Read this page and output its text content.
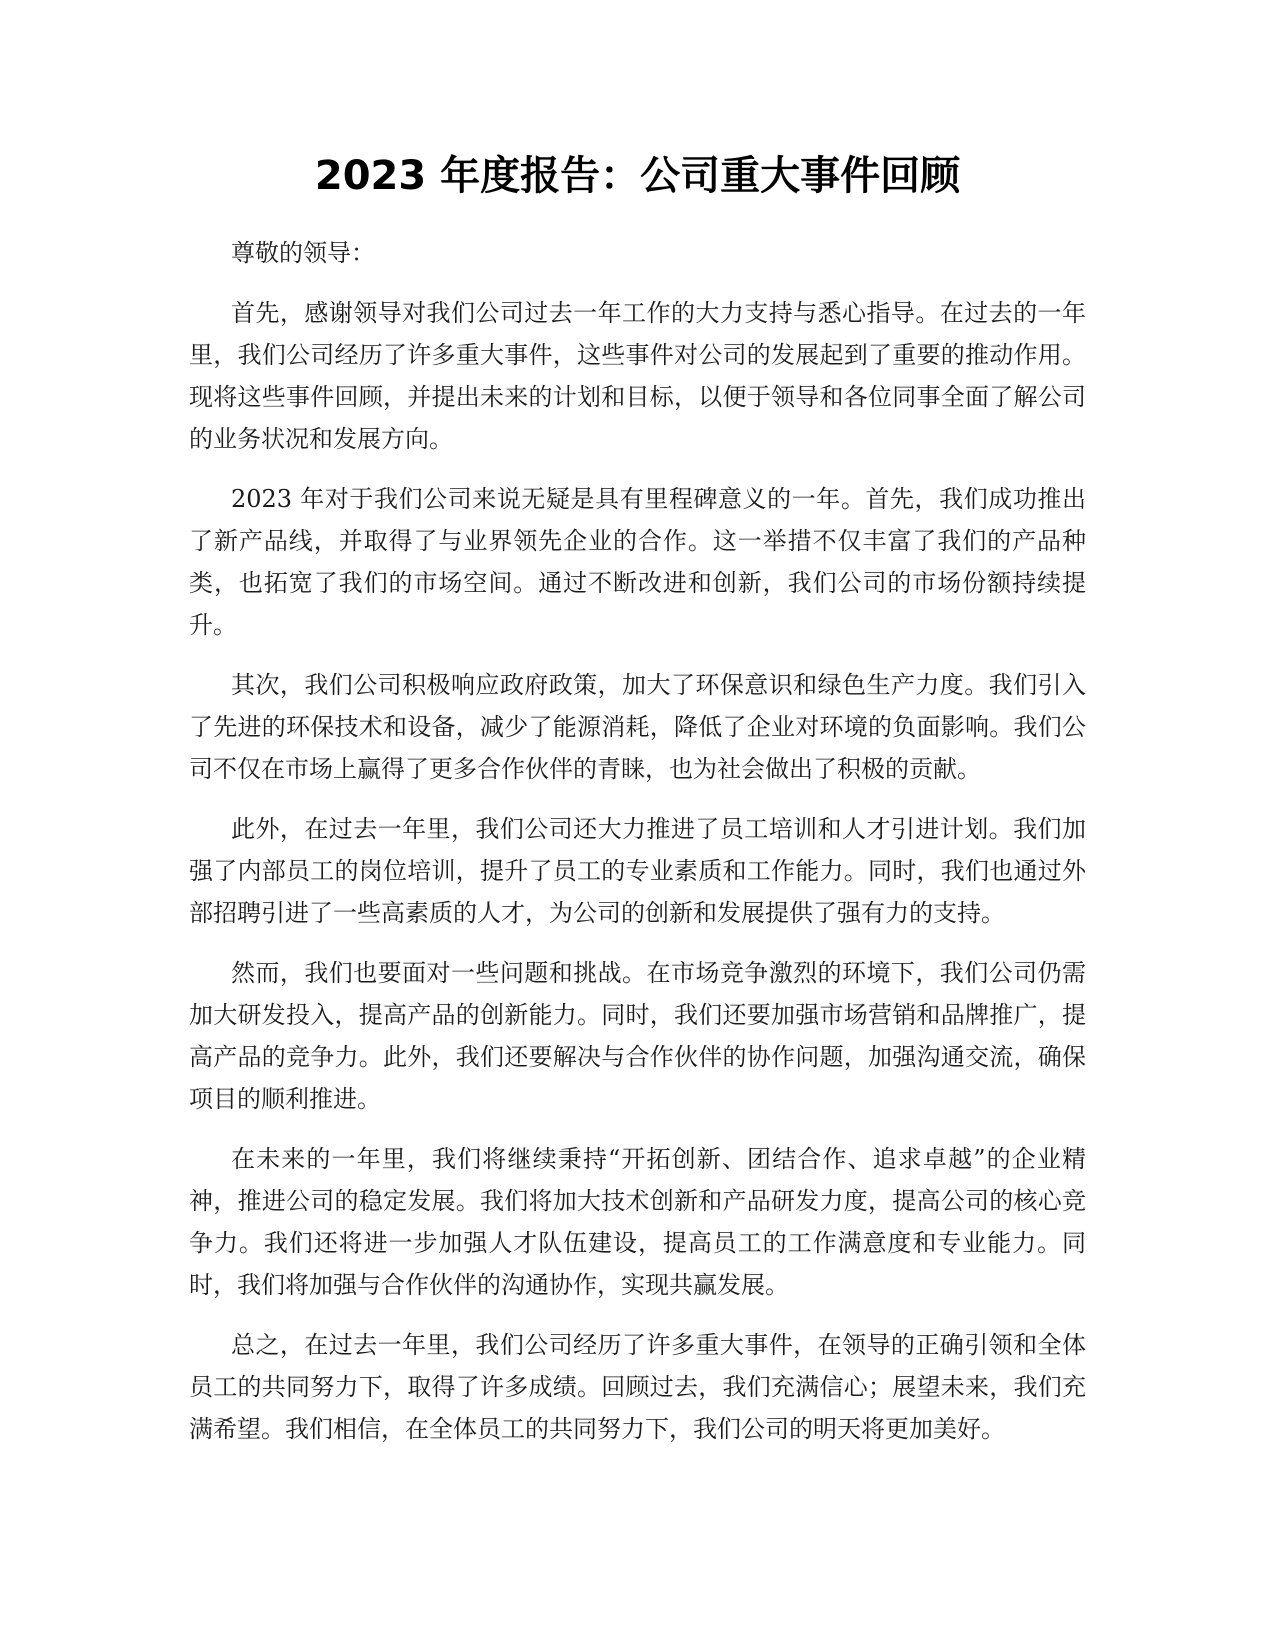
2023 年度报告：公司重大事件回顾

尊敬的领导：

首先，感谢领导对我们公司过去一年工作的大力支持与悉心指导。在过去的一年里，我们公司经历了许多重大事件，这些事件对公司的发展起到了重要的推动作用。现将这些事件回顾，并提出未来的计划和目标，以便于领导和各位同事全面了解公司的业务状况和发展方向。

2023 年对于我们公司来说无疑是具有里程碑意义的一年。首先，我们成功推出了新产品线，并取得了与业界领先企业的合作。这一举措不仅丰富了我们的产品种类，也拓宽了我们的市场空间。通过不断改进和创新，我们公司的市场份额持续提升。

其次，我们公司积极响应政府政策，加大了环保意识和绿色生产力度。我们引入了先进的环保技术和设备，减少了能源消耗，降低了企业对环境的负面影响。我们公司不仅在市场上赢得了更多合作伙伴的青睐，也为社会做出了积极的贡献。

此外，在过去一年里，我们公司还大力推进了员工培训和人才引进计划。我们加强了内部员工的岗位培训，提升了员工的专业素质和工作能力。同时，我们也通过外部招聘引进了一些高素质的人才，为公司的创新和发展提供了强有力的支持。

然而，我们也要面对一些问题和挑战。在市场竞争激烈的环境下，我们公司仍需加大研发投入，提高产品的创新能力。同时，我们还要加强市场营销和品牌推广，提高产品的竞争力。此外，我们还要解决与合作伙伴的协作问题，加强沟通交流，确保项目的顺利推进。

在未来的一年里，我们将继续秉持“开拓创新、团结合作、追求卓越”的企业精神，推进公司的稳定发展。我们将加大技术创新和产品研发力度，提高公司的核心竞争力。我们还将进一步加强人才队伍建设，提高员工的工作满意度和专业能力。同时，我们将加强与合作伙伴的沟通协作，实现共赢发展。

总之，在过去一年里，我们公司经历了许多重大事件，在领导的正确引领和全体员工的共同努力下，取得了许多成绩。回顾过去，我们充满信心；展望未来，我们充满希望。我们相信，在全体员工的共同努力下，我们公司的明天将更加美好。
